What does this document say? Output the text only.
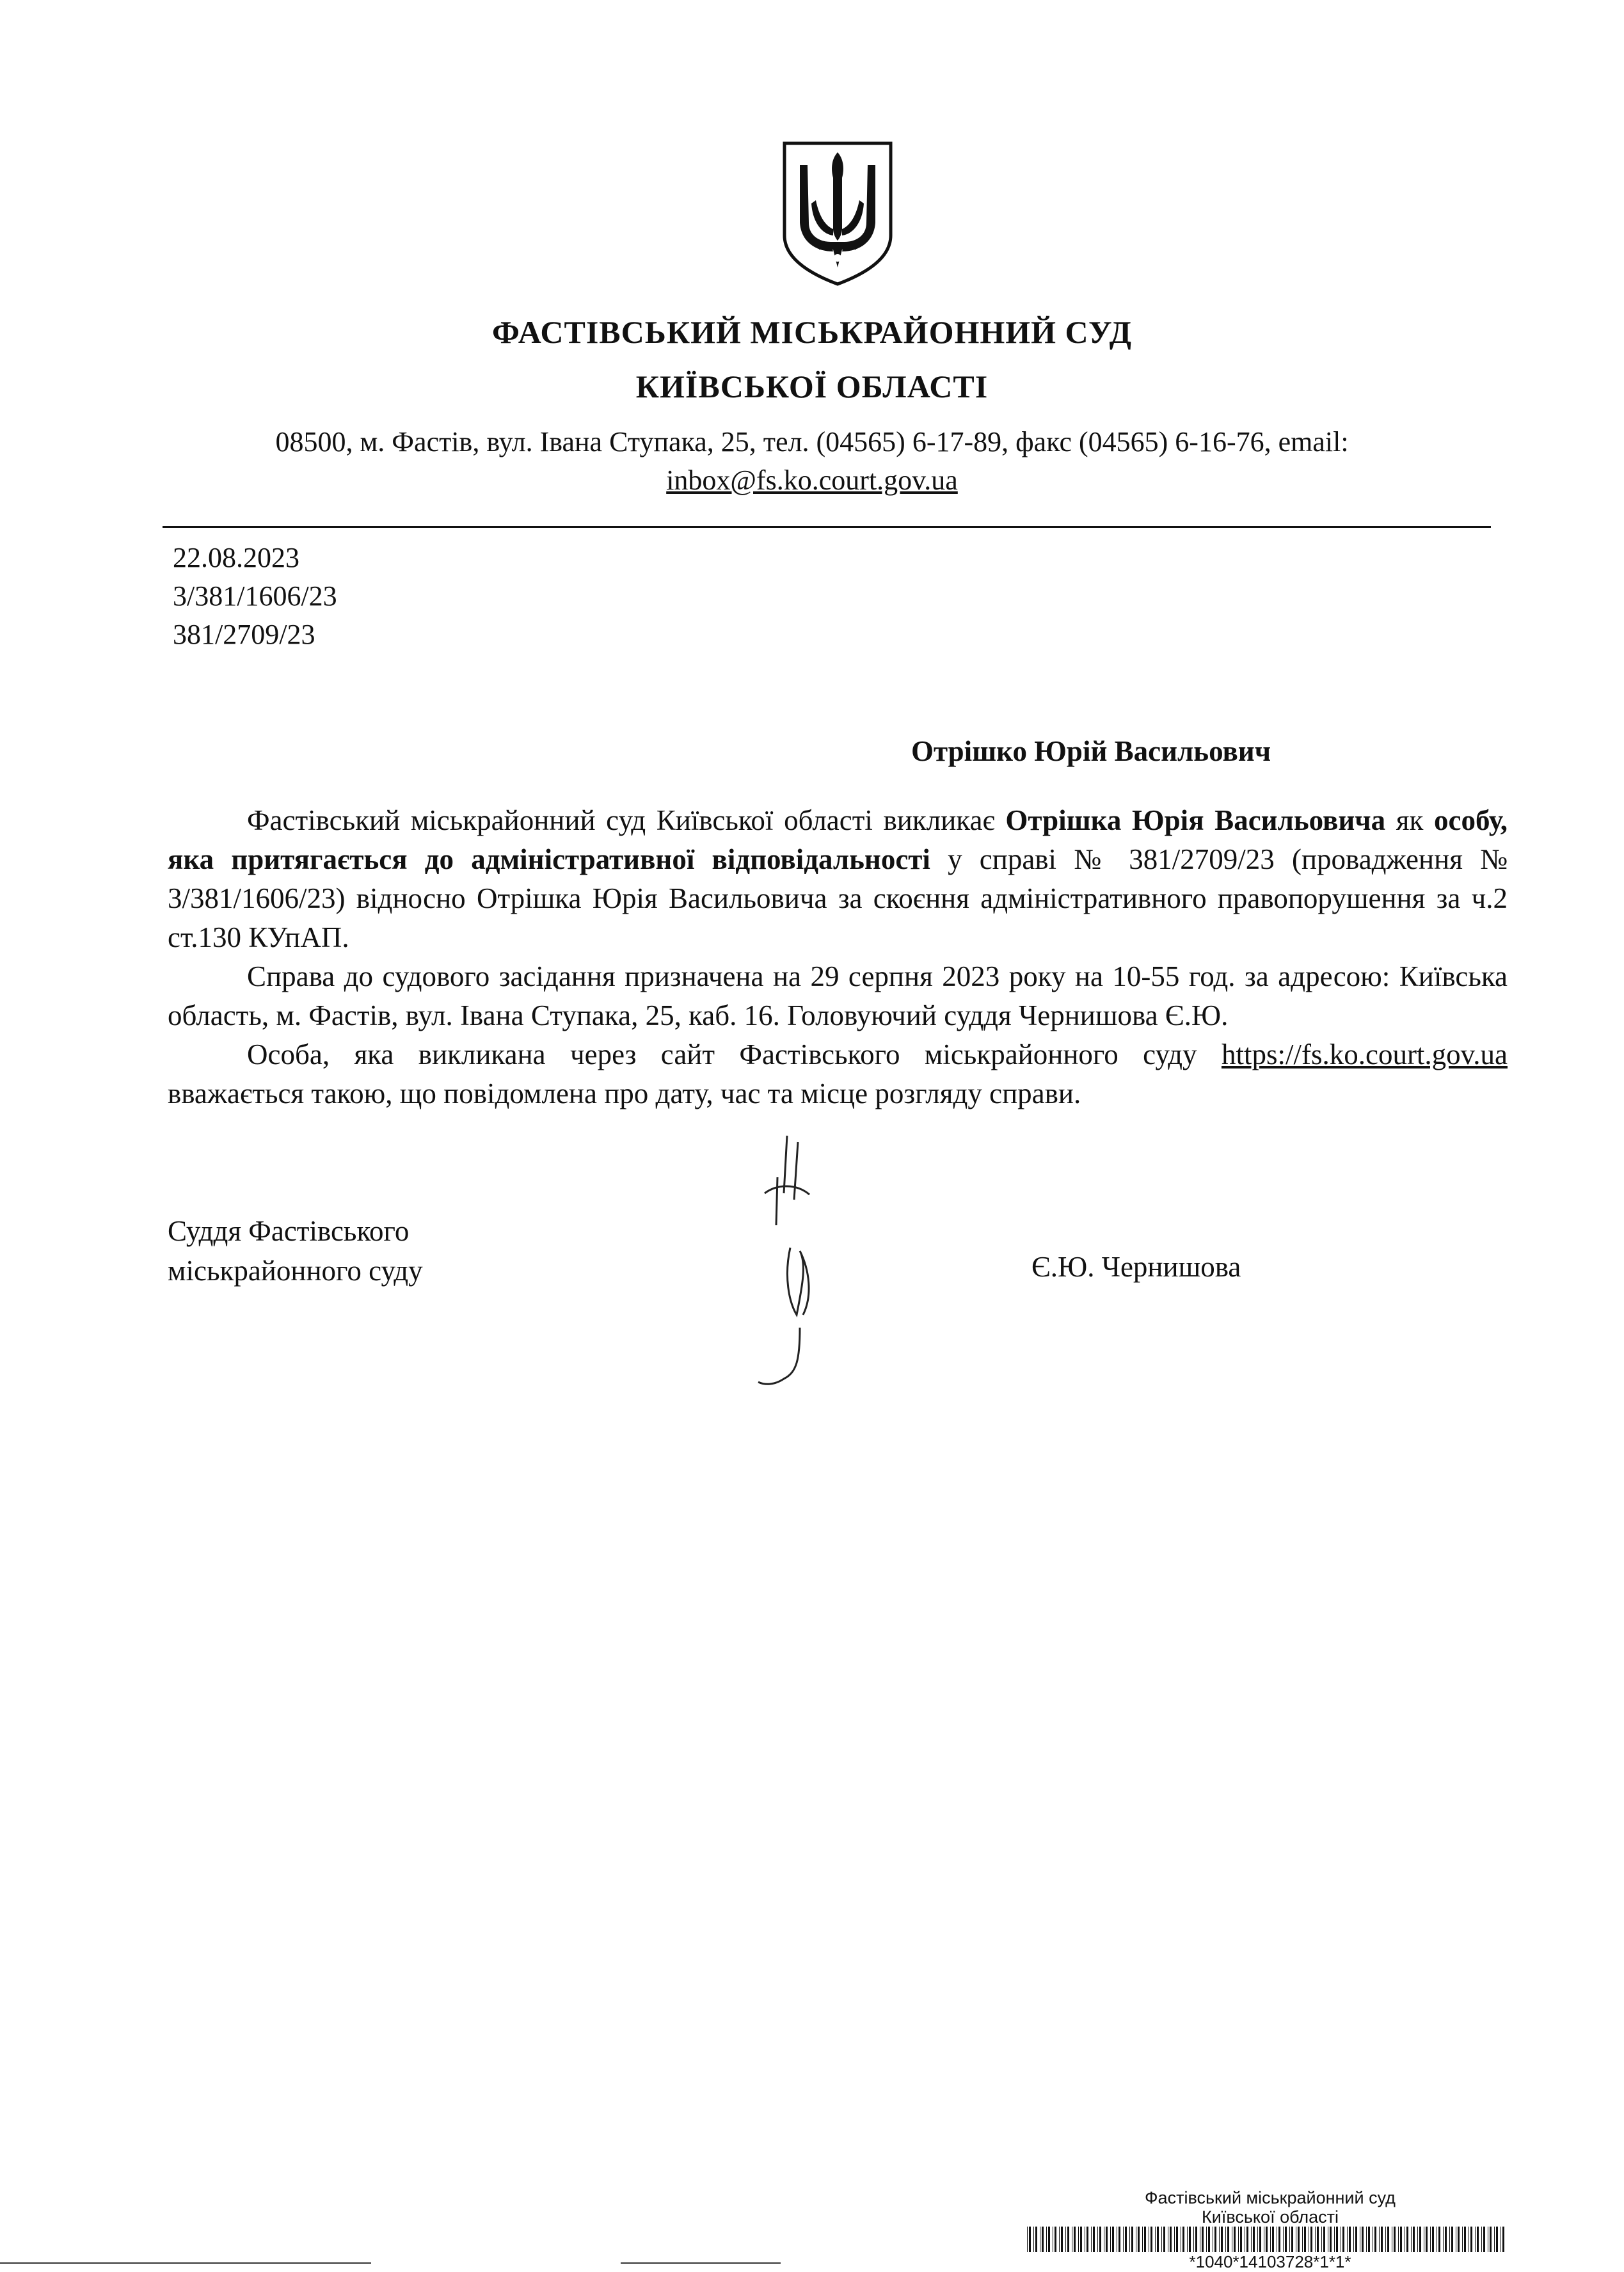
ФАСТІВСЬКИЙ МІСЬКРАЙОННИЙ СУД
КИЇВСЬКОЇ ОБЛАСТІ
08500, м. Фастів, вул. Івана Ступака, 25, тел. (04565) 6-17-89, факс (04565) 6-16-76, email:
inbox@fs.ko.court.gov.ua
22.08.2023
3/381/1606/23
381/2709/23
Отрішко Юрій Васильович

Фастівський міськрайонний суд Київської області викликає Отрішка Юрія Васильовича як особу, яка притягається до адміністративної відповідальності у справі № 381/2709/23 (провадження № 3/381/1606/23) відносно Отрішка Юрія Васильовича за скоєння адміністративного правопорушення за ч.2 ст.130 КУпАП.

Справа до судового засідання призначена на 29 серпня 2023 року на 10-55 год. за адресою: Київська область, м. Фастів, вул. Івана Ступака, 25, каб. 16. Головуючий суддя Чернишова Є.Ю.

Особа, яка викликана через сайт Фастівського міськрайонного суду https://fs.ko.court.gov.ua вважається такою, що повідомлена про дату, час та місце розгляду справи.

Суддя Фастівського
міськрайонного суду	Є.Ю. Чернишова
Фастівський міськрайонний суд
Київської області
*1040*14103728*1*1*
